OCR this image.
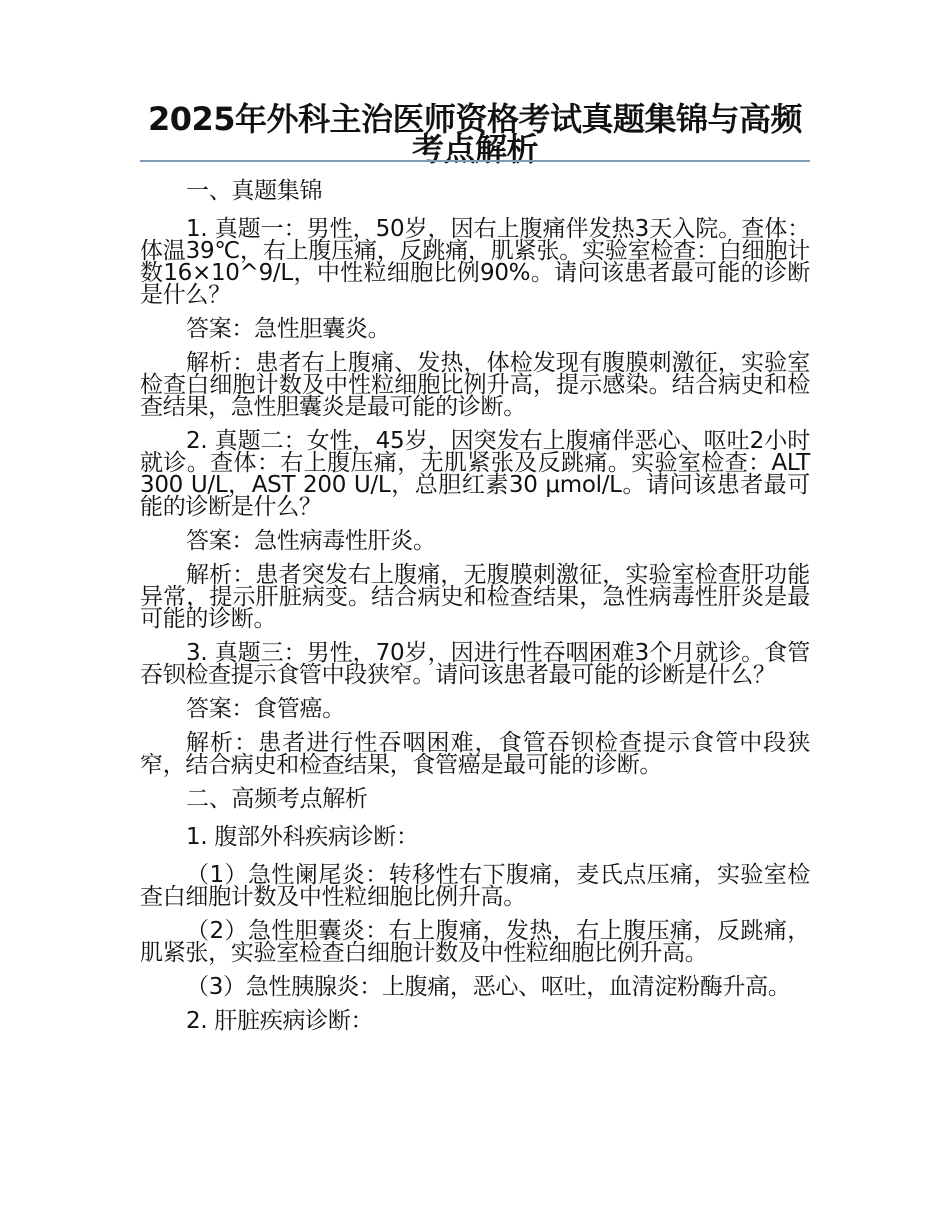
2025年外科主治医师资格考试真题集锦与高频考点解析

一、真题集锦

1. 真题一：男性，50岁，因右上腹痛伴发热3天入院。查体：体温39℃，右上腹压痛，反跳痛，肌紧张。实验室检查：白细胞计数16×10^9/L，中性粒细胞比例90%。请问该患者最可能的诊断是什么？

答案：急性胆囊炎。

解析：患者右上腹痛、发热，体检发现有腹膜刺激征，实验室检查白细胞计数及中性粒细胞比例升高，提示感染。结合病史和检查结果，急性胆囊炎是最可能的诊断。

2. 真题二：女性，45岁，因突发右上腹痛伴恶心、呕吐2小时就诊。查体：右上腹压痛，无肌紧张及反跳痛。实验室检查：ALT 300 U/L，AST 200 U/L，总胆红素30 μmol/L。请问该患者最可能的诊断是什么？

答案：急性病毒性肝炎。

解析：患者突发右上腹痛，无腹膜刺激征，实验室检查肝功能异常，提示肝脏病变。结合病史和检查结果，急性病毒性肝炎是最可能的诊断。

3. 真题三：男性，70岁，因进行性吞咽困难3个月就诊。食管吞钡检查提示食管中段狭窄。请问该患者最可能的诊断是什么？

答案：食管癌。

解析：患者进行性吞咽困难，食管吞钡检查提示食管中段狭窄，结合病史和检查结果，食管癌是最可能的诊断。

二、高频考点解析

1. 腹部外科疾病诊断：

（1）急性阑尾炎：转移性右下腹痛，麦氏点压痛，实验室检查白细胞计数及中性粒细胞比例升高。

（2）急性胆囊炎：右上腹痛，发热，右上腹压痛，反跳痛，肌紧张，实验室检查白细胞计数及中性粒细胞比例升高。

（3）急性胰腺炎：上腹痛，恶心、呕吐，血清淀粉酶升高。

2. 肝脏疾病诊断：
